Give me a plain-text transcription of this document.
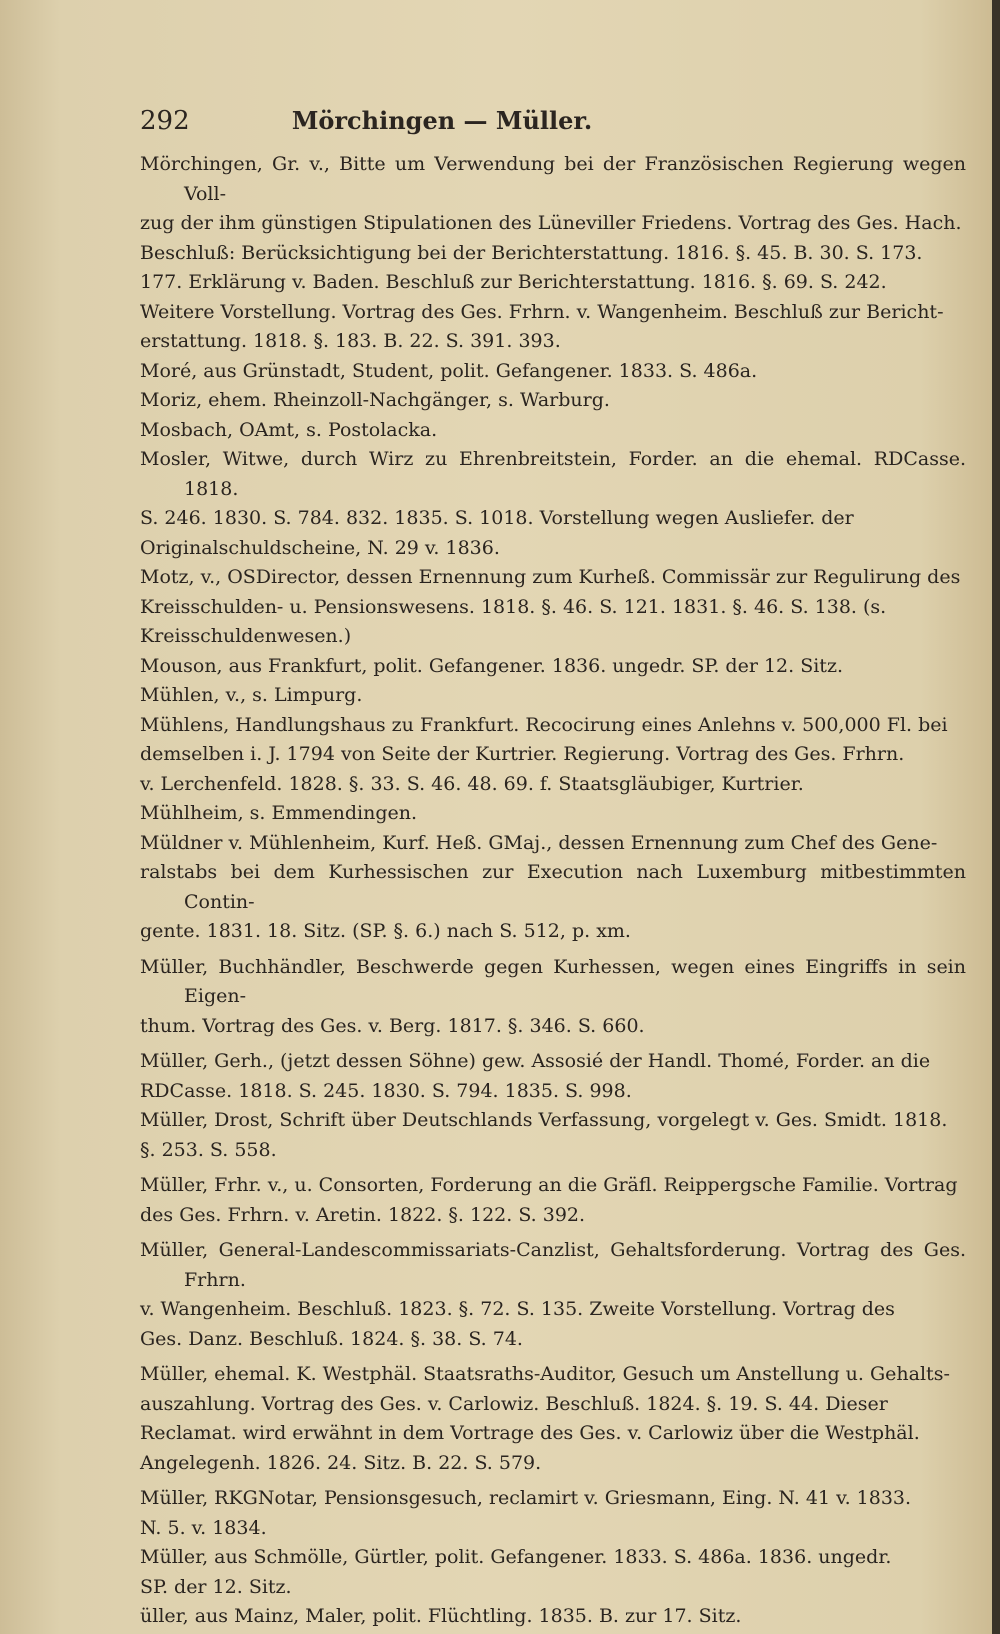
292	Mörchingen — Müller.

Mörchingen, Gr. v., Bitte um Verwendung bei der Französischen Regierung wegen Voll-
zug der ihm günstigen Stipulationen des Lüneviller Friedens. Vortrag des Ges. Hach.
Beschluß: Berücksichtigung bei der Berichterstattung. 1816. §. 45. B. 30. S. 173.
177. Erklärung v. Baden. Beschluß zur Berichterstattung. 1816. §. 69. S. 242.
Weitere Vorstellung. Vortrag des Ges. Frhrn. v. Wangenheim. Beschluß zur Bericht-
erstattung. 1818. §. 183. B. 22. S. 391. 393.

Moré, aus Grünstadt, Student, polit. Gefangener. 1833. S. 486a.

Moriz, ehem. Rheinzoll-Nachgänger, s. Warburg.

Mosbach, OAmt, s. Postolacka.

Mosler, Witwe, durch Wirz zu Ehrenbreitstein, Forder. an die ehemal. RDCasse. 1818.
S. 246. 1830. S. 784. 832. 1835. S. 1018. Vorstellung wegen Ausliefer. der
Originalschuldscheine, N. 29 v. 1836.

Motz, v., OSDirector, dessen Ernennung zum Kurheß. Commissär zur Regulirung des
Kreisschulden- u. Pensionswesens. 1818. §. 46. S. 121. 1831. §. 46. S. 138. (s.
Kreisschuldenwesen.)

Mouson, aus Frankfurt, polit. Gefangener. 1836. ungedr. SP. der 12. Sitz.

Mühlen, v., s. Limpurg.

Mühlens, Handlungshaus zu Frankfurt. Recocirung eines Anlehns v. 500,000 Fl. bei
demselben i. J. 1794 von Seite der Kurtrier. Regierung. Vortrag des Ges. Frhrn.
v. Lerchenfeld. 1828. §. 33. S. 46. 48. 69. f. Staatsgläubiger, Kurtrier.

Mühlheim, s. Emmendingen.

Müldner v. Mühlenheim, Kurf. Heß. GMaj., dessen Ernennung zum Chef des Gene-
ralstabs bei dem Kurhessischen zur Execution nach Luxemburg mitbestimmten Contin-
gente. 1831. 18. Sitz. (SP. §. 6.) nach S. 512, p. xm.

Müller, Buchhändler, Beschwerde gegen Kurhessen, wegen eines Eingriffs in sein Eigen-
thum. Vortrag des Ges. v. Berg. 1817. §. 346. S. 660.

Müller, Gerh., (jetzt dessen Söhne) gew. Assosié der Handl. Thomé, Forder. an die
RDCasse. 1818. S. 245. 1830. S. 794. 1835. S. 998.

Müller, Drost, Schrift über Deutschlands Verfassung, vorgelegt v. Ges. Smidt. 1818.
§. 253. S. 558.

Müller, Frhr. v., u. Consorten, Forderung an die Gräfl. Reippergsche Familie. Vortrag
des Ges. Frhrn. v. Aretin. 1822. §. 122. S. 392.

Müller, General-Landescommissariats-Canzlist, Gehaltsforderung. Vortrag des Ges. Frhrn.
v. Wangenheim. Beschluß. 1823. §. 72. S. 135. Zweite Vorstellung. Vortrag des
Ges. Danz. Beschluß. 1824. §. 38. S. 74.

Müller, ehemal. K. Westphäl. Staatsraths-Auditor, Gesuch um Anstellung u. Gehalts-
auszahlung. Vortrag des Ges. v. Carlowiz. Beschluß. 1824. §. 19. S. 44. Dieser
Reclamat. wird erwähnt in dem Vortrage des Ges. v. Carlowiz über die Westphäl.
Angelegenh. 1826. 24. Sitz. B. 22. S. 579.

Müller, RKGNotar, Pensionsgesuch, reclamirt v. Griesmann, Eing. N. 41 v. 1833.
N. 5. v. 1834.

Müller, aus Schmölle, Gürtler, polit. Gefangener. 1833. S. 486a. 1836. ungedr.
SP. der 12. Sitz.

üller, aus Mainz, Maler, polit. Flüchtling. 1835. B. zur 17. Sitz.
